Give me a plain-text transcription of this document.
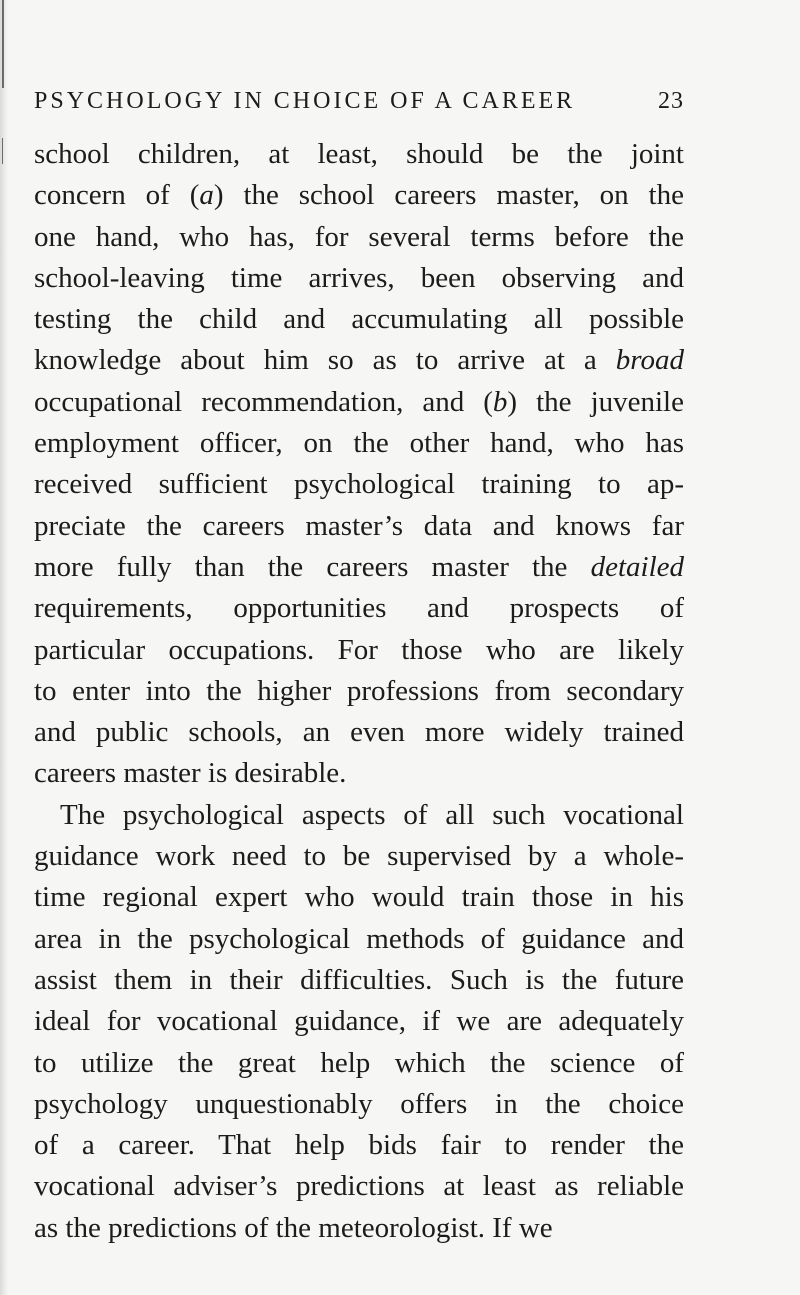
PSYCHOLOGY IN CHOICE OF A CAREER	23
school children, at least, should be the joint
concern of (a) the school careers master, on the
one hand, who has, for several terms before the
school-leaving time arrives, been observing and
testing the child and accumulating all possible
knowledge about him so as to arrive at a broad
occupational recommendation, and (b) the juvenile
employment officer, on the other hand, who has
received sufficient psychological training to ap-
preciate the careers master’s data and knows far
more fully than the careers master the detailed
requirements, opportunities and prospects of
particular occupations. For those who are likely
to enter into the higher professions from secondary
and public schools, an even more widely trained
careers master is desirable.
The psychological aspects of all such vocational
guidance work need to be supervised by a whole-
time regional expert who would train those in his
area in the psychological methods of guidance and
assist them in their difficulties. Such is the future
ideal for vocational guidance, if we are adequately
to utilize the great help which the science of
psychology unquestionably offers in the choice
of a career. That help bids fair to render the
vocational adviser’s predictions at least as reliable
as the predictions of the meteorologist. If we
